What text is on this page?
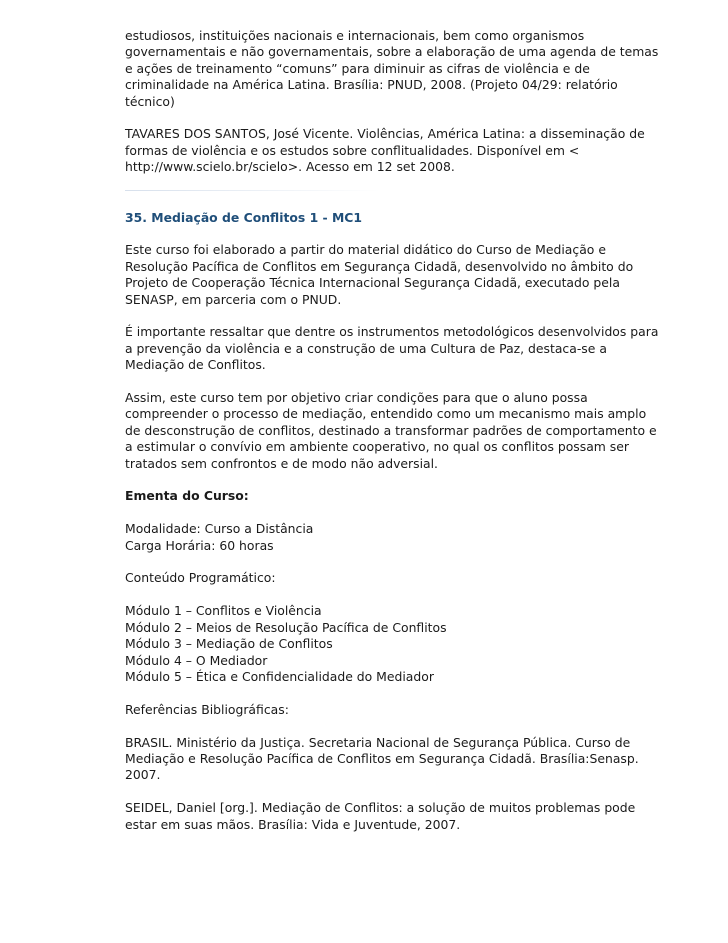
estudiosos, instituições nacionais e internacionais, bem como organismos governamentais e não governamentais, sobre a elaboração de uma agenda de temas e ações de treinamento “comuns” para diminuir as cifras de violência e de criminalidade na América Latina. Brasília: PNUD, 2008. (Projeto 04/29: relatório técnico)

TAVARES DOS SANTOS, José Vicente. Violências, América Latina: a disseminação de formas de violência e os estudos sobre conflitualidades. Disponível em < http://www.scielo.br/scielo>. Acesso em 12 set 2008.

35. Mediação de Conflitos 1 - MC1

Este curso foi elaborado a partir do material didático do Curso de Mediação e Resolução Pacífica de Conflitos em Segurança Cidadã, desenvolvido no âmbito do Projeto de Cooperação Técnica Internacional Segurança Cidadã, executado pela SENASP, em parceria com o PNUD.

É importante ressaltar que dentre os instrumentos metodológicos desenvolvidos para a prevenção da violência e a construção de uma Cultura de Paz, destaca-se a Mediação de Conflitos.

Assim, este curso tem por objetivo criar condições para que o aluno possa compreender o processo de mediação, entendido como um mecanismo mais amplo de desconstrução de conflitos, destinado a transformar padrões de comportamento e a estimular o convívio em ambiente cooperativo, no qual os conflitos possam ser tratados sem confrontos e de modo não adversial.

Ementa do Curso:

Modalidade: Curso a Distância

Carga Horária: 60 horas

Conteúdo Programático:

Módulo 1 – Conflitos e Violência

Módulo 2 – Meios de Resolução Pacífica de Conflitos

Módulo 3 – Mediação de Conflitos

Módulo 4 – O Mediador

Módulo 5 – Ética e Confidencialidade do Mediador

Referências Bibliográficas:

BRASIL. Ministério da Justiça. Secretaria Nacional de Segurança Pública. Curso de Mediação e Resolução Pacífica de Conflitos em Segurança Cidadã. Brasília:Senasp. 2007.

SEIDEL, Daniel [org.]. Mediação de Conflitos: a solução de muitos problemas pode estar em suas mãos. Brasília: Vida e Juventude, 2007.
